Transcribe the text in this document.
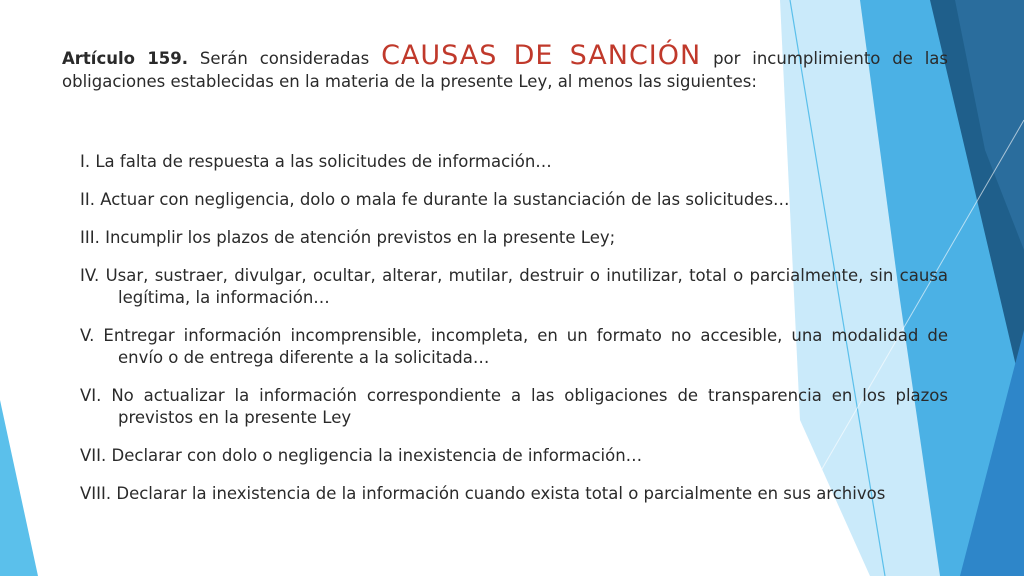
Artículo 159. Serán consideradas CAUSAS DE SANCIÓN por incumplimiento de las obligaciones establecidas en la materia de la presente Ley, al menos las siguientes:

I. La falta de respuesta a las solicitudes de información…
II. Actuar con negligencia, dolo o mala fe durante la sustanciación de las solicitudes…
III. Incumplir los plazos de atención previstos en la presente Ley;
IV. Usar, sustraer, divulgar, ocultar, alterar, mutilar, destruir o inutilizar, total o parcialmente, sin causa legítima, la información…
V. Entregar información incomprensible, incompleta, en un formato no accesible, una modalidad de envío o de entrega diferente a la solicitada…
VI. No actualizar la información correspondiente a las obligaciones de transparencia en los plazos previstos en la presente Ley
VII. Declarar con dolo o negligencia la inexistencia de información…
VIII. Declarar la inexistencia de la información cuando exista total o parcialmente en sus archivos
